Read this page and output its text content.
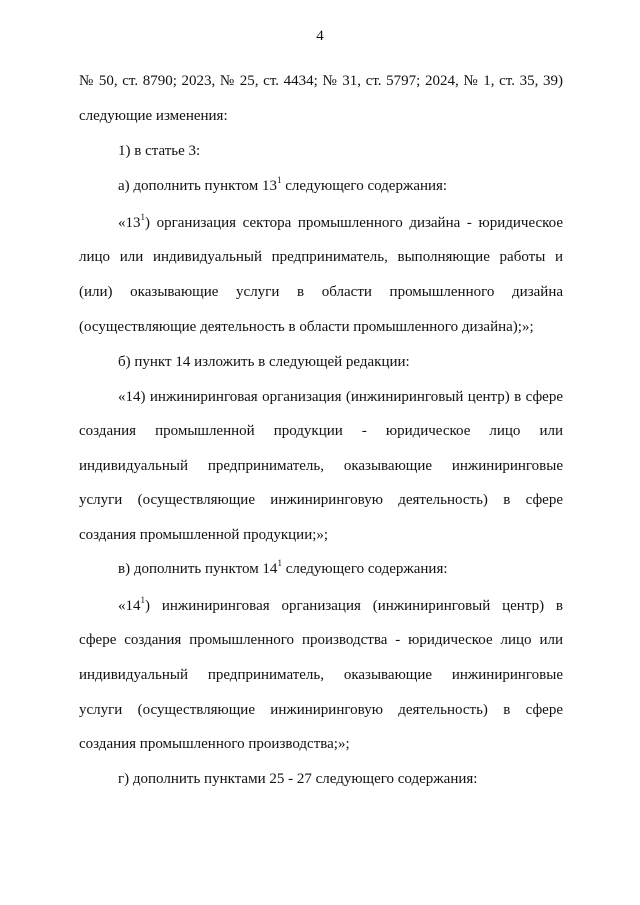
4
№ 50, ст. 8790; 2023, № 25, ст. 4434; № 31, ст. 5797; 2024, № 1, ст. 35, 39)
следующие изменения:
1) в статье 3:
а) дополнить пунктом $13^1$ следующего содержания:
«$13^1$) организация сектора промышленного дизайна - юридическое
лицо или индивидуальный предприниматель, выполняющие работы и
(или) оказывающие услуги в области промышленного дизайна
(осуществляющие деятельность в области промышленного дизайна);»;
б) пункт 14 изложить в следующей редакции:
«14) инжиниринговая организация (инжиниринговый центр) в сфере
создания промышленной продукции - юридическое лицо или
индивидуальный предприниматель, оказывающие инжиниринговые
услуги (осуществляющие инжиниринговую деятельность) в сфере
создания промышленной продукции;»;
в) дополнить пунктом $14^1$ следующего содержания:
«$14^1$) инжиниринговая организация (инжиниринговый центр) в
сфере создания промышленного производства - юридическое лицо или
индивидуальный предприниматель, оказывающие инжиниринговые
услуги (осуществляющие инжиниринговую деятельность) в сфере
создания промышленного производства;»;
г) дополнить пунктами 25 - 27 следующего содержания:
